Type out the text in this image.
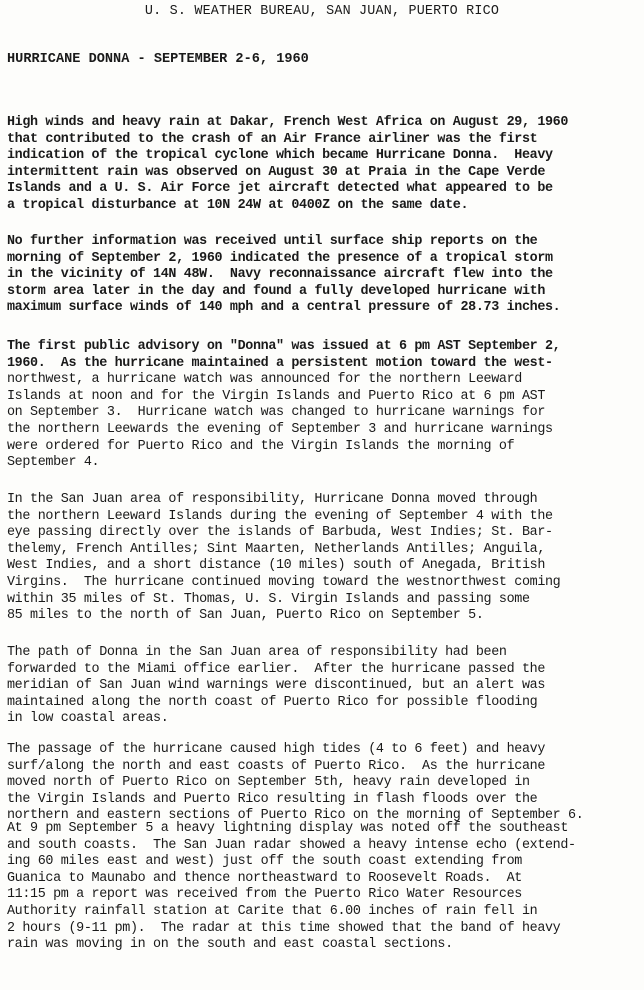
U. S. WEATHER BUREAU, SAN JUAN, PUERTO RICO
HURRICANE DONNA - SEPTEMBER 2-6, 1960
High winds and heavy rain at Dakar, French West Africa on August 29, 1960
that contributed to the crash of an Air France airliner was the first
indication of the tropical cyclone which became Hurricane Donna.  Heavy
intermittent rain was observed on August 30 at Praia in the Cape Verde
Islands and a U. S. Air Force jet aircraft detected what appeared to be
a tropical disturbance at 10N 24W at 0400Z on the same date.
No further information was received until surface ship reports on the
morning of September 2, 1960 indicated the presence of a tropical storm
in the vicinity of 14N 48W.  Navy reconnaissance aircraft flew into the
storm area later in the day and found a fully developed hurricane with
maximum surface winds of 140 mph and a central pressure of 28.73 inches.
The first public advisory on "Donna" was issued at 6 pm AST September 2,
1960.  As the hurricane maintained a persistent motion toward the west-
northwest, a hurricane watch was announced for the northern Leeward
Islands at noon and for the Virgin Islands and Puerto Rico at 6 pm AST
on September 3.  Hurricane watch was changed to hurricane warnings for
the northern Leewards the evening of September 3 and hurricane warnings
were ordered for Puerto Rico and the Virgin Islands the morning of
September 4.
In the San Juan area of responsibility, Hurricane Donna moved through
the northern Leeward Islands during the evening of September 4 with the
eye passing directly over the islands of Barbuda, West Indies; St. Bar-
thelemy, French Antilles; Sint Maarten, Netherlands Antilles; Anguila,
West Indies, and a short distance (10 miles) south of Anegada, British
Virgins.  The hurricane continued moving toward the westnorthwest coming
within 35 miles of St. Thomas, U. S. Virgin Islands and passing some
85 miles to the north of San Juan, Puerto Rico on September 5.
The path of Donna in the San Juan area of responsibility had been
forwarded to the Miami office earlier.  After the hurricane passed the
meridian of San Juan wind warnings were discontinued, but an alert was
maintained along the north coast of Puerto Rico for possible flooding
in low coastal areas.
The passage of the hurricane caused high tides (4 to 6 feet) and heavy
surf/along the north and east coasts of Puerto Rico.  As the hurricane
moved north of Puerto Rico on September 5th, heavy rain developed in
the Virgin Islands and Puerto Rico resulting in flash floods over the
northern and eastern sections of Puerto Rico on the morning of September 6.
At 9 pm September 5 a heavy lightning display was noted off the southeast
and south coasts.  The San Juan radar showed a heavy intense echo (extend-
ing 60 miles east and west) just off the south coast extending from
Guanica to Maunabo and thence northeastward to Roosevelt Roads.  At
11:15 pm a report was received from the Puerto Rico Water Resources
Authority rainfall station at Carite that 6.00 inches of rain fell in
2 hours (9-11 pm).  The radar at this time showed that the band of heavy
rain was moving in on the south and east coastal sections.
